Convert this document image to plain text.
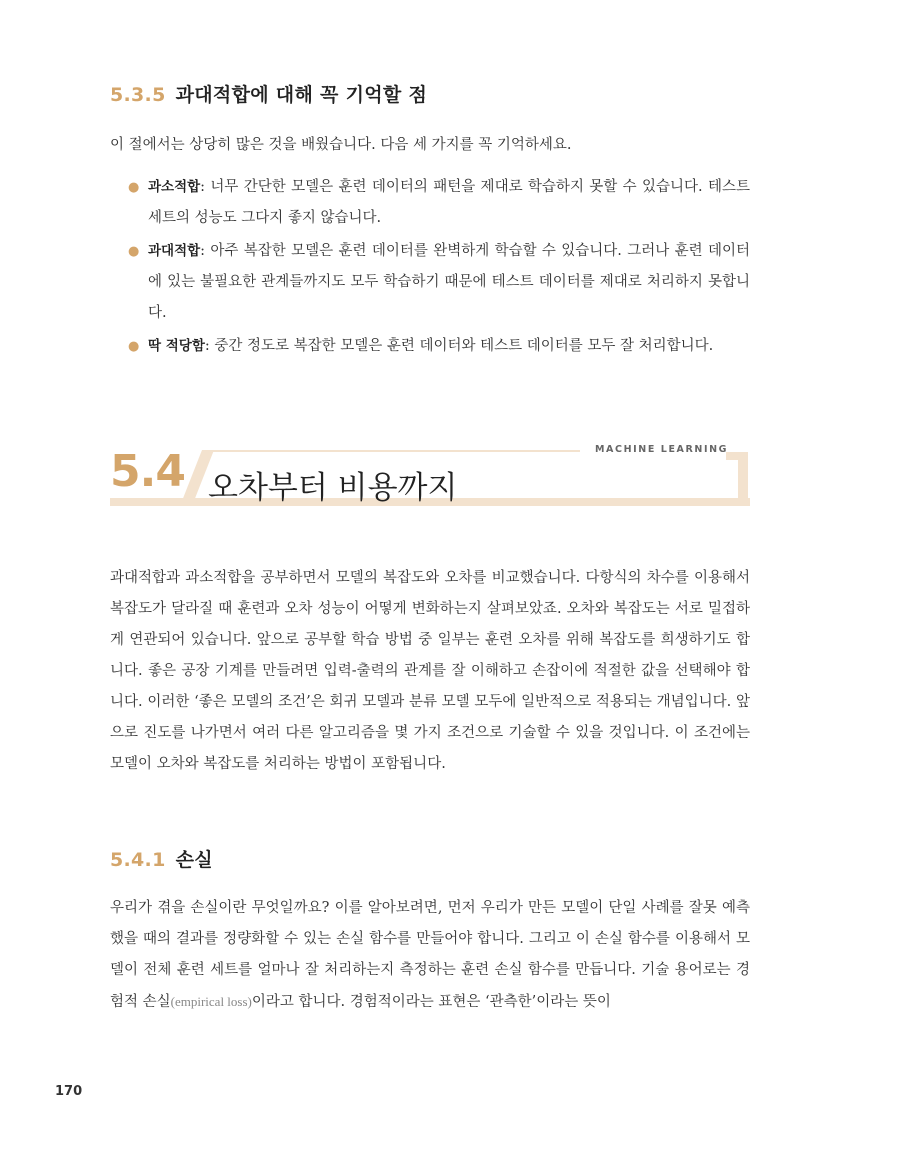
5.3.5 과대적합에 대해 꼭 기억할 점

이 절에서는 상당히 많은 것을 배웠습니다. 다음 세 가지를 꼭 기억하세요.

● 과소적합: 너무 간단한 모델은 훈련 데이터의 패턴을 제대로 학습하지 못할 수 있습니다. 테스트 세트의 성능도 그다지 좋지 않습니다.
● 과대적합: 아주 복잡한 모델은 훈련 데이터를 완벽하게 학습할 수 있습니다. 그러나 훈련 데이터에 있는 불필요한 관계들까지도 모두 학습하기 때문에 테스트 데이터를 제대로 처리하지 못합니다.
● 딱 적당함: 중간 정도로 복잡한 모델은 훈련 데이터와 테스트 데이터를 모두 잘 처리합니다.
5.4 오차부터 비용까지
MACHINE LEARNING

과대적합과 과소적합을 공부하면서 모델의 복잡도와 오차를 비교했습니다. 다항식의 차수를 이용해서 복잡도가 달라질 때 훈련과 오차 성능이 어떻게 변화하는지 살펴보았죠. 오차와 복잡도는 서로 밀접하게 연관되어 있습니다. 앞으로 공부할 학습 방법 중 일부는 훈련 오차를 위해 복잡도를 희생하기도 합니다. 좋은 공장 기계를 만들려면 입력-출력의 관계를 잘 이해하고 손잡이에 적절한 값을 선택해야 합니다. 이러한 ‘좋은 모델의 조건’은 회귀 모델과 분류 모델 모두에 일반적으로 적용되는 개념입니다. 앞으로 진도를 나가면서 여러 다른 알고리즘을 몇 가지 조건으로 기술할 수 있을 것입니다. 이 조건에는 모델이 오차와 복잡도를 처리하는 방법이 포함됩니다.

5.4.1 손실

우리가 겪을 손실이란 무엇일까요? 이를 알아보려면, 먼저 우리가 만든 모델이 단일 사례를 잘못 예측했을 때의 결과를 정량화할 수 있는 손실 함수를 만들어야 합니다. 그리고 이 손실 함수를 이용해서 모델이 전체 훈련 세트를 얼마나 잘 처리하는지 측정하는 훈련 손실 함수를 만듭니다. 기술 용어로는 경험적 손실(empirical loss)이라고 합니다. 경험적이라는 표현은 ‘관측한’이라는 뜻이

170
